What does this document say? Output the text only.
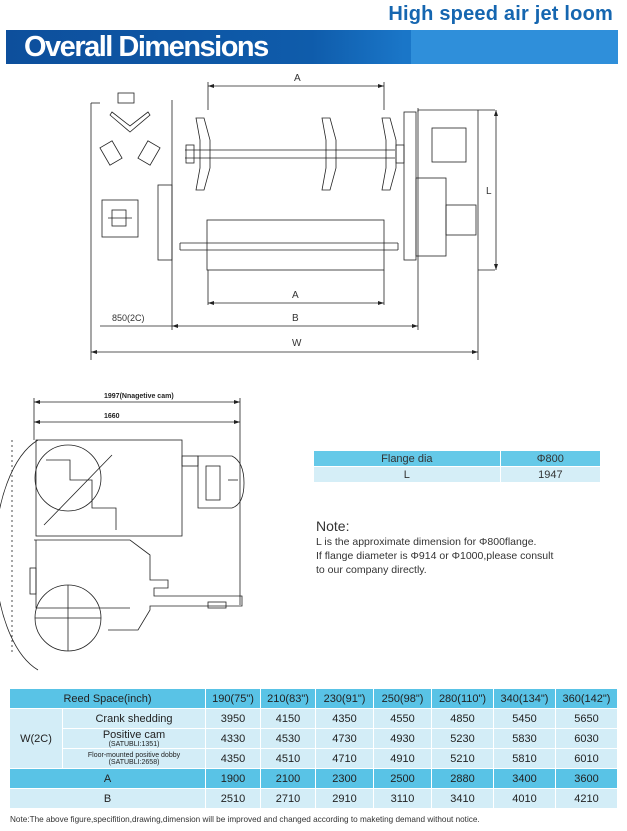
High speed air jet loom
Overall Dimensions
A
A
B
W
L
850(2C)
1997(Nnagetive cam)
1660
Flange dia	Φ800
L	1947
Note:
L is the approximate dimension for Φ800flange.
If flange diameter is Φ914 or Φ1000,please consult
to our company directly.
Reed Space(inch)		190(75")	210(83")	230(91")	250(98")	280(110")	340(134")	360(142")
W(2C)	Crank shedding	3950	4150	4350	4550	4850	5450	5650

	Positive cam
(SATUBLI:1351)	4330	4530	4730	4930	5230	5830	6030

	Floor-mounted positive dobby
(SATUBLI:2658)	4350	4510	4710	4910	5210	5810	6010
A		1900	2100	2300	2500	2880	3400	3600
B		2510	2710	2910	3110	3410	4010	4210
Note:The above figure,specifition,drawing,dimension will be improved and changed according to maketing demand without notice.
